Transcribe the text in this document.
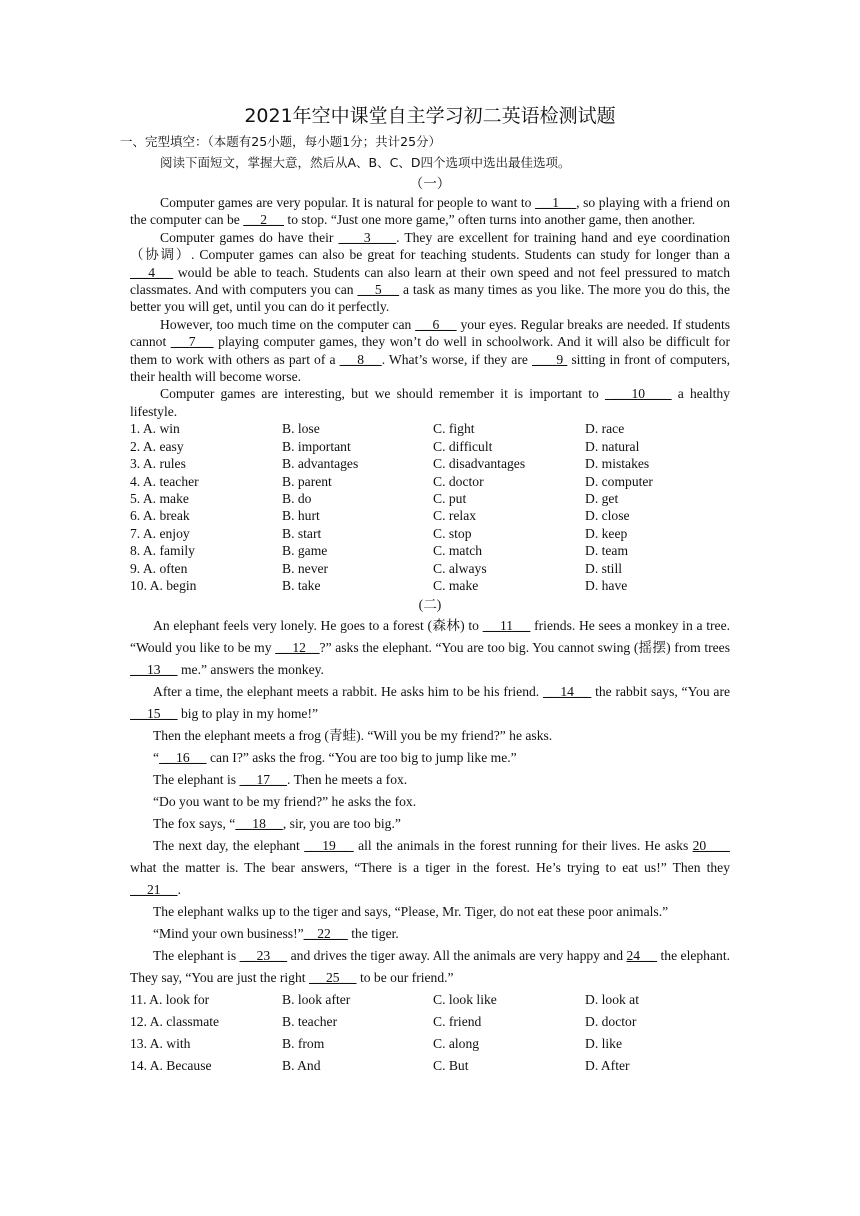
2021年空中课堂自主学习初二英语检测试题
一、完型填空：（本题有25小题，每小题1分；共计25分）
阅读下面短文，掌握大意，然后从A、B、C、D四个选项中选出最佳选项。
（一）

Computer games are very popular. It is natural for people to want to  __1__ , so playing with a friend on the computer can be  __2__  to stop. “Just one more game,” often turns into another game, then another.

Computer games do have their  ___3___ . They are excellent for training hand and eye coordination（协调）. Computer games can also be great for teaching students. Students can study for longer than a  __4__  would be able to teach. Students can also learn at their own speed and not feel pressured to match classmates. And with computers you can  __5__  a task as many times as you like. The more you do this, the better you will get, until you can do it perfectly.

However, too much time on the computer can  __6__  your eyes. Regular breaks are needed. If students cannot  __7__  playing computer games, they won’t do well in schoolwork. And it will also be difficult for them to work with others as part of a  __8__ . What’s worse, if they are  ___9  sitting in front of computers, their health will become worse.

Computer games are interesting, but we should remember it is important to  ___10___  a healthy lifestyle.

1. A. win	B. lose	C. fight	D. race
2. A. easy	B. important	C. difficult	D. natural
3. A. rules	B. advantages	C. disadvantages	D. mistakes
4. A. teacher	B. parent	C. doctor	D. computer
5. A. make	B. do	C. put	D. get
6. A. break	B. hurt	C. relax	D. close
7. A. enjoy	B. start	C. stop	D. keep
8. A. family	B. game	C. match	D. team
9. A. often	B. never	C. always	D. still
10. A. begin	B. take	C. make	D. have
(二)

An elephant feels very lonely. He goes to a forest (森林) to  __11__  friends. He sees a monkey in a tree. “Would you like to be my  __12__?” asks the elephant. “You are too big. You cannot swing (摇摆) from trees  __13__  me.” answers the monkey.

After a time, the elephant meets a rabbit. He asks him to be his friend.  __14__  the rabbit says, “You are  __15__  big to play in my home!”

Then the elephant meets a frog (青蛙). “Will you be my friend?” he asks.

“ __16__  can I?” asks the frog. “You are too big to jump like me.”

The elephant is  __17__ . Then he meets a fox.

“Do you want to be my friend?” he asks the fox.

The fox says, “ __18__ , sir, you are too big.”

The next day, the elephant  __19__  all the animals in the forest running for their lives. He asks 20___  what the matter is. The bear answers, “There is a tiger in the forest. He’s trying to eat us!” Then they  __21__ .

The elephant walks up to the tiger and says, “Please, Mr. Tiger, do not eat these poor animals.”

“Mind your own business!”__22__  the tiger.

The elephant is  __23__  and drives the tiger away. All the animals are very happy and 24__  the elephant. They say, “You are just the right  __25__  to be our friend.”

11. A. look for	B. look after	C. look like	D. look at
12. A. classmate	B. teacher	C. friend	D. doctor
13. A. with	B. from	C. along	D. like
14. A. Because	B. And	C. But	D. After
